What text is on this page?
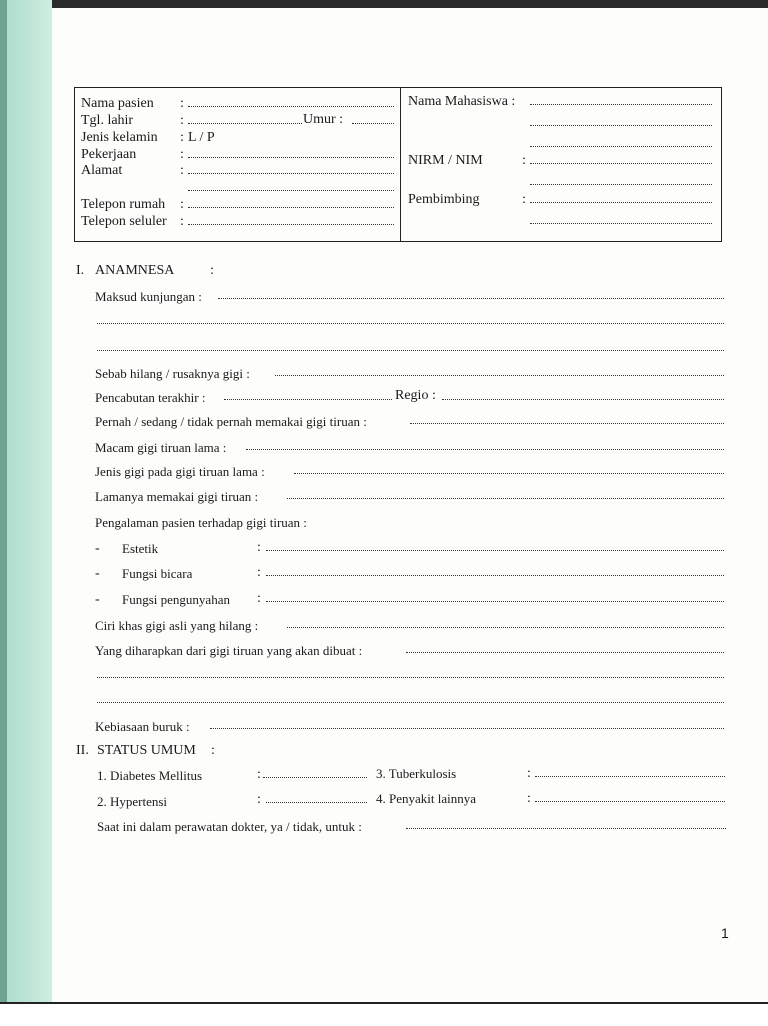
Nama pasien :
Tgl. lahir	:	Umur :
Jenis kelamin : L / P
Pekerjaan	:
Alamat	:
Telepon rumah :
Telepon seluler :
Nama Mahasiswa :
NIRM / NIM	:
Pembimbing	:
I. ANAMNESA	:
Maksud kunjungan :
Sebab hilang / rusaknya gigi :
Pencabutan terakhir :	Regio :
Pernah / sedang / tidak pernah memakai gigi tiruan :
Macam gigi tiruan lama :
Jenis gigi pada gigi tiruan lama :
Lamanya memakai gigi tiruan :
Pengalaman pasien terhadap gigi tiruan :
- Estetik	:
- Fungsi bicara	:
- Fungsi pengunyahan :
Ciri khas gigi asli yang hilang :
Yang diharapkan dari gigi tiruan yang akan dibuat :
Kebiasaan buruk :
II. STATUS UMUM :
1. Diabetes Mellitus	:	3. Tuberkulosis	:
2. Hypertensi	:	4. Penyakit lainnya	:
Saat ini dalam perawatan dokter, ya / tidak, untuk :
1
